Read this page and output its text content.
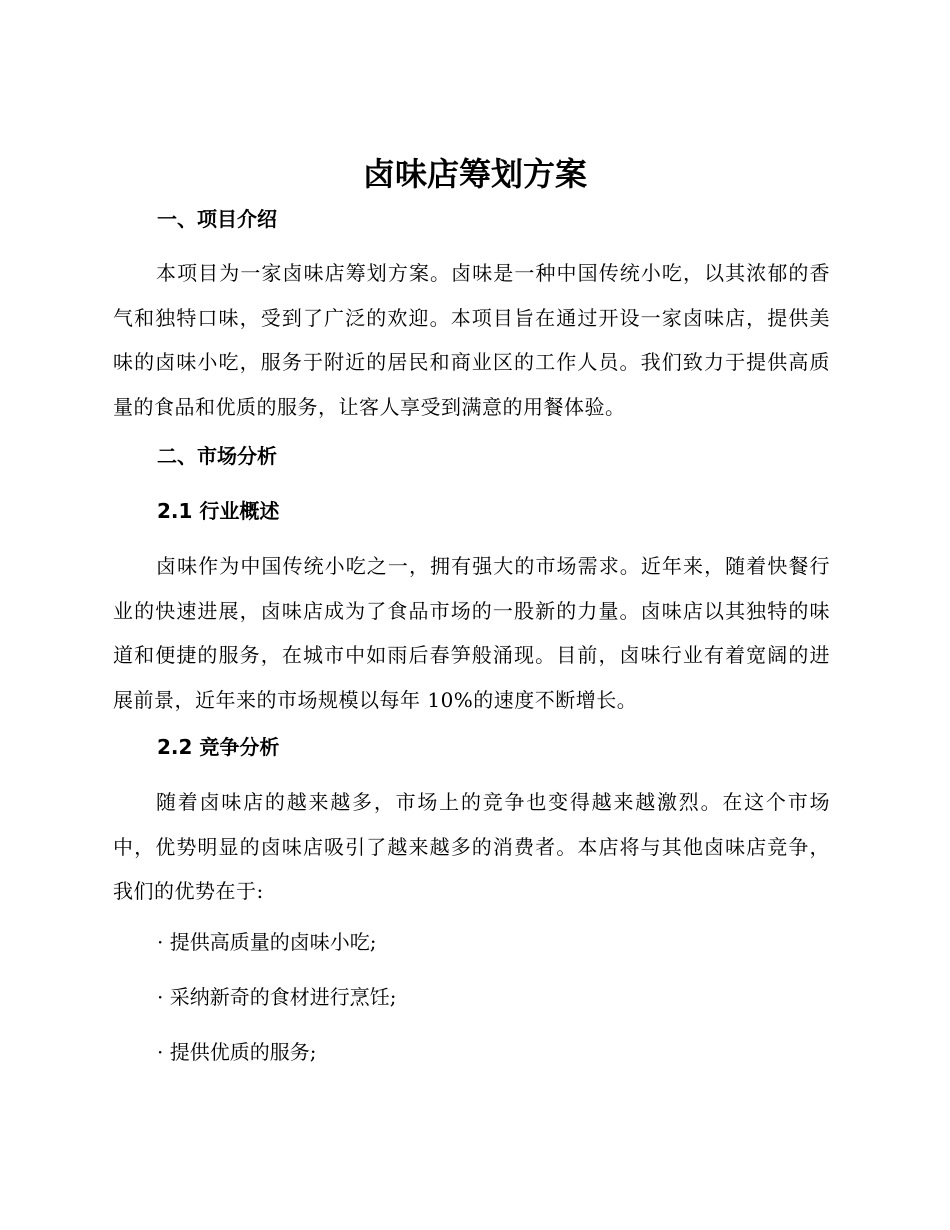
卤味店筹划方案
一、项目介绍

本项目为一家卤味店筹划方案。卤味是一种中国传统小吃，以其浓郁的香气和独特口味，受到了广泛的欢迎。本项目旨在通过开设一家卤味店，提供美味的卤味小吃，服务于附近的居民和商业区的工作人员。我们致力于提供高质量的食品和优质的服务，让客人享受到满意的用餐体验。

二、市场分析
2.1 行业概述

卤味作为中国传统小吃之一，拥有强大的市场需求。近年来，随着快餐行业的快速进展，卤味店成为了食品市场的一股新的力量。卤味店以其独特的味道和便捷的服务，在城市中如雨后春笋般涌现。目前，卤味行业有着宽阔的进展前景，近年来的市场规模以每年 10%的速度不断增长。

2.2 竞争分析

随着卤味店的越来越多，市场上的竞争也变得越来越激烈。在这个市场中，优势明显的卤味店吸引了越来越多的消费者。本店将与其他卤味店竞争，我们的优势在于:

· 提供高质量的卤味小吃;

· 采纳新奇的食材进行烹饪;

· 提供优质的服务;
